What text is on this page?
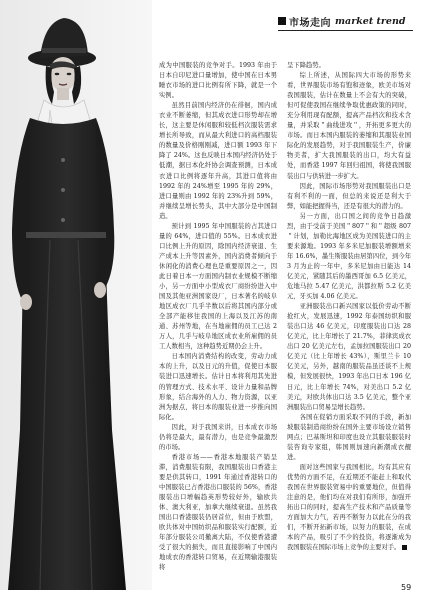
市场走向 market trend

成为中国服装的竞争对手。1993 年由于日本自印尼进口量增加，使中国在日本男睡衣市场的进口比例有所下降，就是一个实例。

虽然目前国内经济仍在徘徊，国内成衣业不断萎缩，但其成衣进口形势却在增长，这主要是休闲服和较低档次服装需求增长所导致，而从最大利进口的高档服装的数量及价格刚刚减，进口额 1993 年下降了 24%。这也反映日本国内经济仍处于低潮，据日本化纤协会调查预测，日本成衣进口比例将逐年升高，其进口值将由 1992 年的 24%增至 1995 年的 29%，进口量则由 1992 年的 23%升到 59%，并继续呈增长势头，其中大部分是中国制造。

预计到 1995 年中国服装的占其进口量的 64%，进口值的 55%。日本成衣进口比例上升的原因，除国内经济衰退、生产成本上升等因素外，国内消费者倾向于休闲化的消费心理也是重要原因之一，因此日着日本一方面国内制衣业规模不断缩小，另一方面中小型成衣厂商纷纷进入中国及其他亚洲国家设厂，日本著名的岐阜地区成衣厂几乎半数以后将其国内部分或全部产能移往我国的上海以及江苏的南通、苏州等地，在当地雇佣的员工已达 2 万人，几乎与岐阜地区成衣业所雇佣的员工人数相当，这种趋势近期仍会上升。

日本国内消费结构的改变，劳动力成本的上升，以及日元的升值，促使日本服装进口迅速增长。估计日本将利用其先进的管理方式、技术水平、设计力量和品牌形象，结合海外的人力、物力资源，以亚洲为据点，将日本的服装业进一步推向国际化。

因此，对于我国来讲，日本成衣市场仍将是最大，最有潜力，也是竞争最激烈的市场。

香港市场——香港本地服装产销呈滞，消费服装有限，我国服装出口香港主要是供其转口，1991 年通过香港转口的中国服装已占香港出口服装的 56%，香港服装出口增幅趋英形势较好外，输欧共体、澳大利亚，加拿大继续衰退。虽然我国出口香港服装仍居首位，但由于欧盟，欧共体对中国纺织品和服装实行配额，近年部分服装公司撤离大陆，不仅使香港遭受了很大的损失，而且直接影响了中国内地成衣的香港转口贸易，在近期输港服装将

呈下降趋势。

综上所述，从国际四大市场的形势来看，世界服装市场有饱和迹象，欧美市场对我国服装，估计在数量上不会有大的突破，但可促使我国在继续争取优惠政策的同时，充分利用现有配额，提高产品档次和技术含量，并采取＂曲线进攻＂，开拓更多更大的市场。而日本国内服装的萎缩和其服装业国际化的发展趋势，对于我国服装生产，价廉物美者，扩大我国服装的出口，均大有益处，而香港 1997 年回归祖国，将使我国服装出口与供转进一步扩大。

因此，国际市场形势对我国服装出口是有利不利的一面，但总的来说还是利大于弊，如能把握得当，还是有很大的潜力的。

另一方面，出口国之间的竞争日趋激烈，由于受前于美国＂807＂和＂超级 807＂计划，加勒比海地区成为美国装进口的主要来源地。1993 年多米尼加服装增额增来年 16.6%，墨生斯服装由居第四位，到今年 3 月为止的一年中，多米尼加由日能达 14 亿美元，紧随其后的墨西哥加 6.5 亿美元，危地马拉 5.47 亿美元，洪都拉斯 5.2 亿美元，牙买加 4.06 亿美元。

亚洲服装出口新兴国家以低价劳动不断抢红火，发展迅速，1992 年泰国纺织和服装出口达 46 亿美元，印度服装出口达 28 亿美元，比上年增长了 21.7%，菲律宾成衣出口 20 亿美元左右，孟加拉国服装出口 20 亿美元（比上年增长 43%），斯里兰卡 10 亿美元，另外，越南的服装品虽还谈不上规模，但发展很快，1993 年出口日本 196 亿日元，比上年增长 74%，对美出口 5.2 亿美元，对欧共体出口达 3.5 亿美元，整个亚洲服装出口贸易呈增长趋势。

各国在促销方面采取不同的手段，新加坡服装制造商纷纷在国外主要市场设立销售网点；巴基斯坦和印度也设立其服装服装时装咨询专家组，韩国则加速向新潮成衣靓进。

面对这些国家与我国相比，均有其应有优势的方面不足，在近期还不能赶上和取代我国在世界服装贸易中的重要地位，但值得注意的是，他们均在对我们有所形，加强开拓出口的同时，提高生产技术和产品质量等方面加大力气，若再不断努力以此在分的我们，不断开拓新市场，以努力的服装，在成本的产品，吸引了不少的投资，将逐渐成为我国服装在国际市场上竞争的主要对手。

59
